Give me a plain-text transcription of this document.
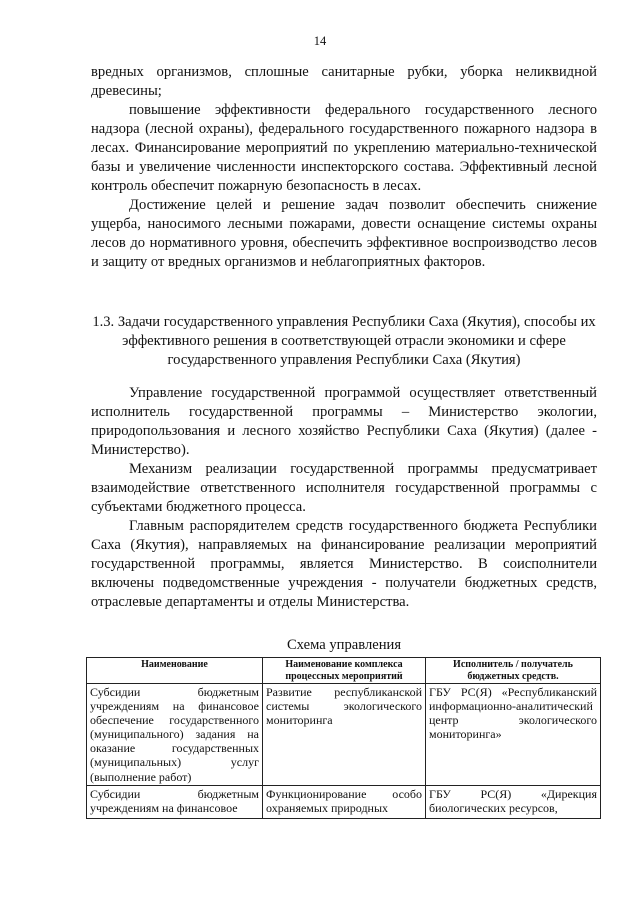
14

вредных организмов, сплошные санитарные рубки, уборка неликвидной древесины;

повышение эффективности федерального государственного лесного надзора (лесной охраны), федерального государственного пожарного надзора в лесах. Финансирование мероприятий по укреплению материально-технической базы и увеличение численности инспекторского состава. Эффективный лесной контроль обеспечит пожарную безопасность в лесах.

Достижение целей и решение задач позволит обеспечить снижение ущерба, наносимого лесными пожарами, довести оснащение системы охраны лесов до нормативного уровня, обеспечить эффективное воспроизводство лесов и защиту от вредных организмов и неблагоприятных факторов.

1.3. Задачи государственного управления Республики Саха (Якутия), способы их эффективного решения в соответствующей отрасли экономики и сфере государственного управления Республики Саха (Якутия)

Управление государственной программой осуществляет ответственный исполнитель государственной программы – Министерство экологии, природопользования и лесного хозяйство Республики Саха (Якутия) (далее - Министерство).

Механизм реализации государственной программы предусматривает взаимодействие ответственного исполнителя государственной программы с субъектами бюджетного процесса.

Главным распорядителем средств государственного бюджета Республики Саха (Якутия), направляемых на финансирование реализации мероприятий государственной программы, является Министерство. В соисполнители включены подведомственные учреждения - получатели бюджетных средств, отраслевые департаменты и отделы Министерства.

Схема управления
Наименование	Наименование комплекса процессных мероприятий	Исполнитель / получатель бюджетных средств.
Субсидии бюджетным учреждениям на финансовое обеспечение государственного (муниципального) задания на оказание государственных (муниципальных) услуг (выполнение работ)	Развитие республиканской системы экологического мониторинга	ГБУ РС(Я) «Республиканский информационно-аналитический центр экологического мониторинга»
Субсидии бюджетным учреждениям на финансовое	Функционирование особо охраняемых природных	ГБУ РС(Я) «Дирекция биологических ресурсов,
